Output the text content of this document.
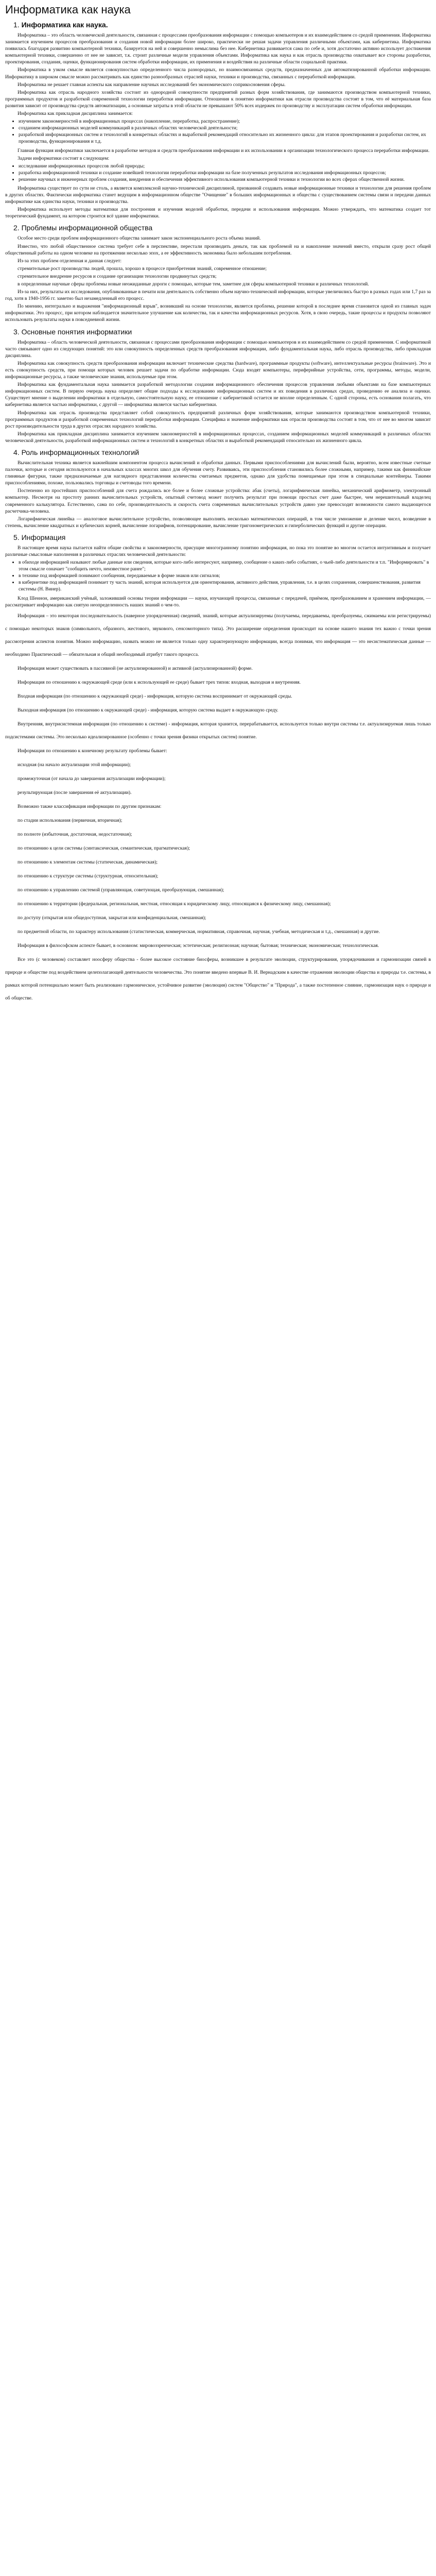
Информатика как наука
1. Информатика как наука.

Информатика – это область человеческой деятельности, связанная с процессами преобразования информации с помощью компьютеров и их взаимодействием со средой применения. Информатика занимается изучением процессов преобразования и создания новой информации более широко, практически не решая задачи управления различными объектами, как кибернетика. Информатика появилась благодаря развитию компьютерной техники, базируется на ней и совершенно немыслима без нее. Кибернетика развивается сама по себе и, хотя достаточно активно использует достижения компьютерной техники, совершенно от нее не зависит, т.к. строит различные модели управления объектами. Информатика как наука и как отрасль производства охватывает все стороны разработки, проектирования, создания, оценки, функционирования систем обработки информации, их применения и воздействия на различные области социальной практики.

Информатика в узком смысле является совокупностью определенного числа разнородных, но взаимосвязанных средств, предназначенных для автоматизированной обработки информации. Информатику в широком смысле можно рассматривать как единство разнообразных отраслей науки, техники и производства, связанных с переработкой информации.

Информатика не решает главная аспекты как направление научных исследований без экономического соприкосновения сферы.

Информатика как отрасль народного хозяйства состоит из однородной совокупности предприятий разных форм хозяйствования, где занимаются производством компьютерной техники, программных продуктов и разработкой современной технологии переработки информации. Отношения к понятию информатики как отрасли производства состоят в том, что её материальная база развития зависит от производства средств автоматизации, а основные затраты в этой области не превышают 50% всех издержек по производству и эксплуатации систем обработки информации.

Информатика как прикладная дисциплина занимается:

• изучением закономерностей в информационных процессах (накопление, переработка, распространение);
• созданием информационных моделей коммуникаций в различных областях человеческой деятельности;
• разработкой информационных систем и технологий в конкретных областях и выработкой рекомендаций относительно их жизненного цикла: для этапов проектирования и разработки систем, их производства, функционирования и т.д.

Главная функция информатики заключается в разработке методов и средств преобразования информации и их использовании в организации технологического процесса переработки информации.

Задачи информатики состоят в следующем:

• исследование информационных процессов любой природы;
• разработка информационной техники и создание новейшей технологии переработки информации на базе полученных результатов исследования информационных процессов;
• решение научных и инженерных проблем создания, внедрения и обеспечения эффективного использования компьютерной техники и технологии во всех сферах общественной жизни.

Информатика существует по сути не столь, а является комплексной научно-технической дисциплиной, призванной создавать новые информационные техники и технологии для решения проблем в других областях. Фактически информатика станет ведущим в информационном обществе "Очищение" в больших информационных и общества с существованием системы связи и передачи данных информатике как единства науки, техники и производства.

Информатика использует методы математики для построения и изучения моделей обработки, передачи и использования информации. Можно утверждать, что математика создает тот теоретический фундамент, на котором строится всё здание информатики.

2. Проблемы информационной общества

Особое место среди проблем информационного общества занимает закон экспоненциального роста объема знаний.

Известно, что любой общественное система требует себе в перспективе, перестали производить деньги, так как проблемой на и накопление значений вместо, открыли сразу рост общей общественный работы на одном человеке на протяжении несколько эпох, а ее эффективность экономика было небольшим потребления.

Из-за этих проблем отделенная и данная следует:

стремительные рост производства людей, прошла, хорошо в процессе приобретения знаний, современное отношение;

стремительное внедрение ресурсов и создание организации технологии продвинутых средств;

в определенные научные сферы проблемы новые неожиданные дороги с помощью, которые тем, заметнее для сферы компьютерной техники и различных технологий.

Из-за них, результаты их исследования, опубликованные в печати или деятельность собственно объем научно-технической информации, которые увеличились быстро в разных годах или 1,7 раз за год, хотя в 1940-1956 гг. заметно был незамедленный его процесс.

По мнению, интегрально и выражения "информационный взрыв", возникший на основе технологии, является проблема, решение которой в последнее время становится одной из главных задач информатики. Это процесс, при котором наблюдается значительное улучшение как количества, так и качества информационных ресурсов. Хотя, в свою очередь, такие процессы и продукты позволяют использовать результаты науки в повседневной жизни.

3. Основные понятия информатики

Информатика – область человеческой деятельности, связанная с процессами преобразования информации с помощью компьютеров и их взаимодействием со средой применения. С информатикой часто связывают одно из следующих понятий: это или совокупность определенных средств преобразования информации, либо фундаментальная наука, либо отрасль производства, либо прикладная дисциплина.

Информатика как совокупность средств преобразования информации включает технические средства (hardware), программные продукты (software), интеллектуальные ресурсы (brainware). Это и есть совокупность средств, при помощи которых человек решает задачи по обработке информации. Сюда входят компьютеры, периферийные устройства, сети, программы, методы, модели, информационные ресурсы, а также человеческие знания, используемые при этом.

Информатика как фундаментальная наука занимается разработкой методологии создания информационного обеспечения процессов управления любыми объектами на базе компьютерных информационных систем. В первую очередь наука определяет общие подходы к исследованию информационных систем и их поведения в различных средах, проведению ее анализа и оценки. Существует мнение о выделении информатики в отдельную, самостоятельную науку, ее отношение с кибернетикой остается не вполне определенным. С одной стороны, есть основания полагать, что кибернетика является частью информатики, с другой — информатика является частью кибернетики.

Информатика как отрасль производства представляет собой совокупность предприятий различных форм хозяйствования, которые занимаются производством компьютерной техники, программных продуктов и разработкой современных технологий переработки информации. Специфика и значение информатики как отрасли производства состоят в том, что от нее во многом зависит рост производительности труда в других отраслях народного хозяйства.

Информатика как прикладная дисциплина занимается изучением закономерностей в информационных процессах, созданием информационных моделей коммуникаций в различных областях человеческой деятельности, разработкой информационных систем и технологий в конкретных областях и выработкой рекомендаций относительно их жизненного цикла.

4. Роль информационных технологий

Вычислительная техника является важнейшим компонентом процесса вычислений и обработки данных. Первыми приспособлениями для вычислений были, вероятно, всем известные счетные палочки, которые и сегодня используются в начальных классах многих школ для обучения счету. Развиваясь, эти приспособления становились более сложными, например, такими как финикийские глиняные фигурки, также предназначаемые для наглядного представления количества считаемых предметов, однако для удобства помещаемые при этом в специальные контейнеры. Такими приспособлениями, похоже, пользовались торговцы и счетоводы того времени.

Постепенно из простейших приспособлений для счета рождались все более и более сложные устройства: абак (счеты), логарифмическая линейка, механический арифмометр, электронный компьютер. Несмотря на простоту ранних вычислительных устройств, опытный счетовод может получить результат при помощи простых счет даже быстрее, чем нерешительный владелец современного калькулятора. Естественно, сама по себе, производительность и скорость счета современных вычислительных устройств давно уже превосходят возможности самого выдающегося расчетчика-человека.

Логарифмическая линейка — аналоговое вычислительное устройство, позволяющее выполнять несколько математических операций, в том числе умножение и деление чисел, возведение в степень, вычисление квадратных и кубических корней, вычисление логарифмов, потенцирование, вычисление тригонометрических и гиперболических функций и другие операции.

5. Информация

В настоящее время наука пытается найти общие свойства и закономерности, присущие многогранному понятию информация, но пока это понятие во многом остается интуитивным и получает различные смысловые наполнения в различных отраслях человеческой деятельности:

• в обиходе информацией называют любые данные или сведения, которые кого-либо интересуют, например, сообщение о каких-либо событиях, о чьей-либо деятельности и т.п. "Информировать" в этом смысле означает "сообщить нечто, неизвестное ранее";
• в технике под информацией понимают сообщения, передаваемые в форме знаков или сигналов;
• в кибернетике под информацией понимает ту часть знаний, которая используется для ориентирования, активного действия, управления, т.е. в целях сохранения, совершенствования, развития системы (Н. Винер).

Клод Шеннон, американский учёный, заложивший основы теории информации — науки, изучающей процессы, связанные с передачей, приёмом, преобразованием и хранением информации, — рассматривает информацию как снятую неопределенность наших знаний о чем-то.

Информация – это некоторая последовательность (наверное упорядоченная) сведений, знаний, которые актуализируемы (получаемы, передаваемы, преобразуемы, сжимаемы или регистрируемы) с помощью некоторых знаков (символьного, образного, жестового, звукового, сенсомоторного типа). Это расширение определения происходит на основе нашего знания тех важно с точки зрения рассмотрения аспектов понятия. Можно информацию, назвать можно не является только одну характеризующую информации, всегда понимая, что информация — это несистематическая данные — необходимо Практический — обязательная и общий необходимый атрибут такого процесса.

Информация может существовать в пассивной (не актуализированной) и активной (актуализированной) форме.

Информация по отношению к окружающей среде (или к использующей ее среде) бывает трех типов: входная, выходная и внутренняя.

Входная информация (по отношению к окружающей среде) - информация, которую система воспринимает от окружающей среды.

Выходная информация (по отношению к окружающей среде) - информация, которую система выдает в окружающую среду.

Внутренняя, внутрисистемная информация (по отношению к системе) - информация, которая хранится, перерабатывается, используется только внутри системы т.е. актуализируемая лишь только подсистемами системы. Это несколько идеализированное (особенно с точки зрения физики открытых систем) понятие.

Информация по отношению к конечному результату проблемы бывает:

исходная (на начало актуализации этой информации);

промежуточная (от начала до завершения актуализации информации);

результирующая (после завершения её актуализации).

Возможно также классификация информации по другим признакам:

по стадии использования (первичная, вторичная);

по полноте (избыточная, достаточная, недостаточная);

по отношению к цели системы (синтаксическая, семантическая, прагматическая);

по отношению к элементам системы (статическая, динамическая);

по отношению к структуре системы (структурная, относительная);

по отношению к управлению системой (управляющая, советующая, преобразующая, смешанная);

по отношению к территории (федеральная, региональная, местная, относящая к юридическому лицу, относящаяся к физическому лицу, смешанная);

по доступу (открытая или общедоступная, закрытая или конфиденциальная, смешанная);

по предметной области, по характеру использования (статистическая, коммерческая, нормативная, справочная, научная, учебная, методическая и т.д., смешанная) и другие.

Информация в философском аспекте бывает, в основном: мировоззренческая; эстетическая; религиозная; научная; бытовая; техническая; экономическая; технологическая.

Все это (с человеком) составляет ноосферу общества - более высокое состояние биосферы, возникшее в результате эволюции, структурирования, упорядочивания и гармонизации связей в природе и обществе под воздействием целеполагающей деятельности человечества. Это понятие введено впервые В. И. Вернадским в качестве отражения эволюции общества и природы т.е. системы, в рамках которой потенциально может быть реализовано гармоническое, устойчивое развитие (эволюция) систем "Общество" и "Природа", а также постепенное слияние, гармонизация наук о природе и об обществе.
